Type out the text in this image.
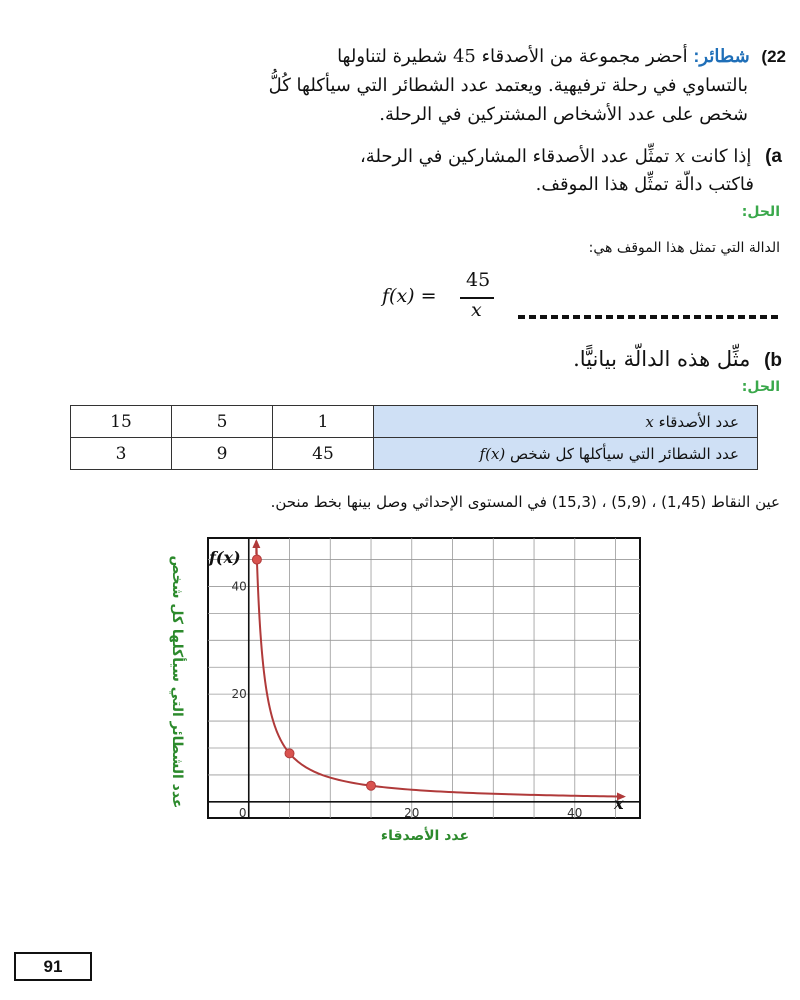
22) شطائر: أحضر مجموعة من الأصدقاء 45 شطيرة لتناولها
بالتساوي في رحلة ترفيهية. ويعتمد عدد الشطائر التي سيأكلها كُلُّ
شخص على عدد الأشخاص المشتركين في الرحلة.
a) إذا كانت x تمثِّل عدد الأصدقاء المشاركين في الرحلة،
فاكتب دالّة تمثِّل هذا الموقف.
الحل:
الدالة التي تمثل هذا الموقف هي:
f(x) =
45
x
b) مثِّل هذه الدالّة بيانيًّا.
الحل:
15	5	1	عدد الأصدقاء x
3	9	45	عدد الشطائر التي سيأكلها كل شخص f(x)
عين النقاط (1,45) ، (5,9) ، (15,3) في المستوى الإحداثي وصل بينها بخط منحن.
0	20	40
20
40
f(x)
x
عدد الشطائر التي سيأكلها كل شخص
عدد الأصدقاء
91
